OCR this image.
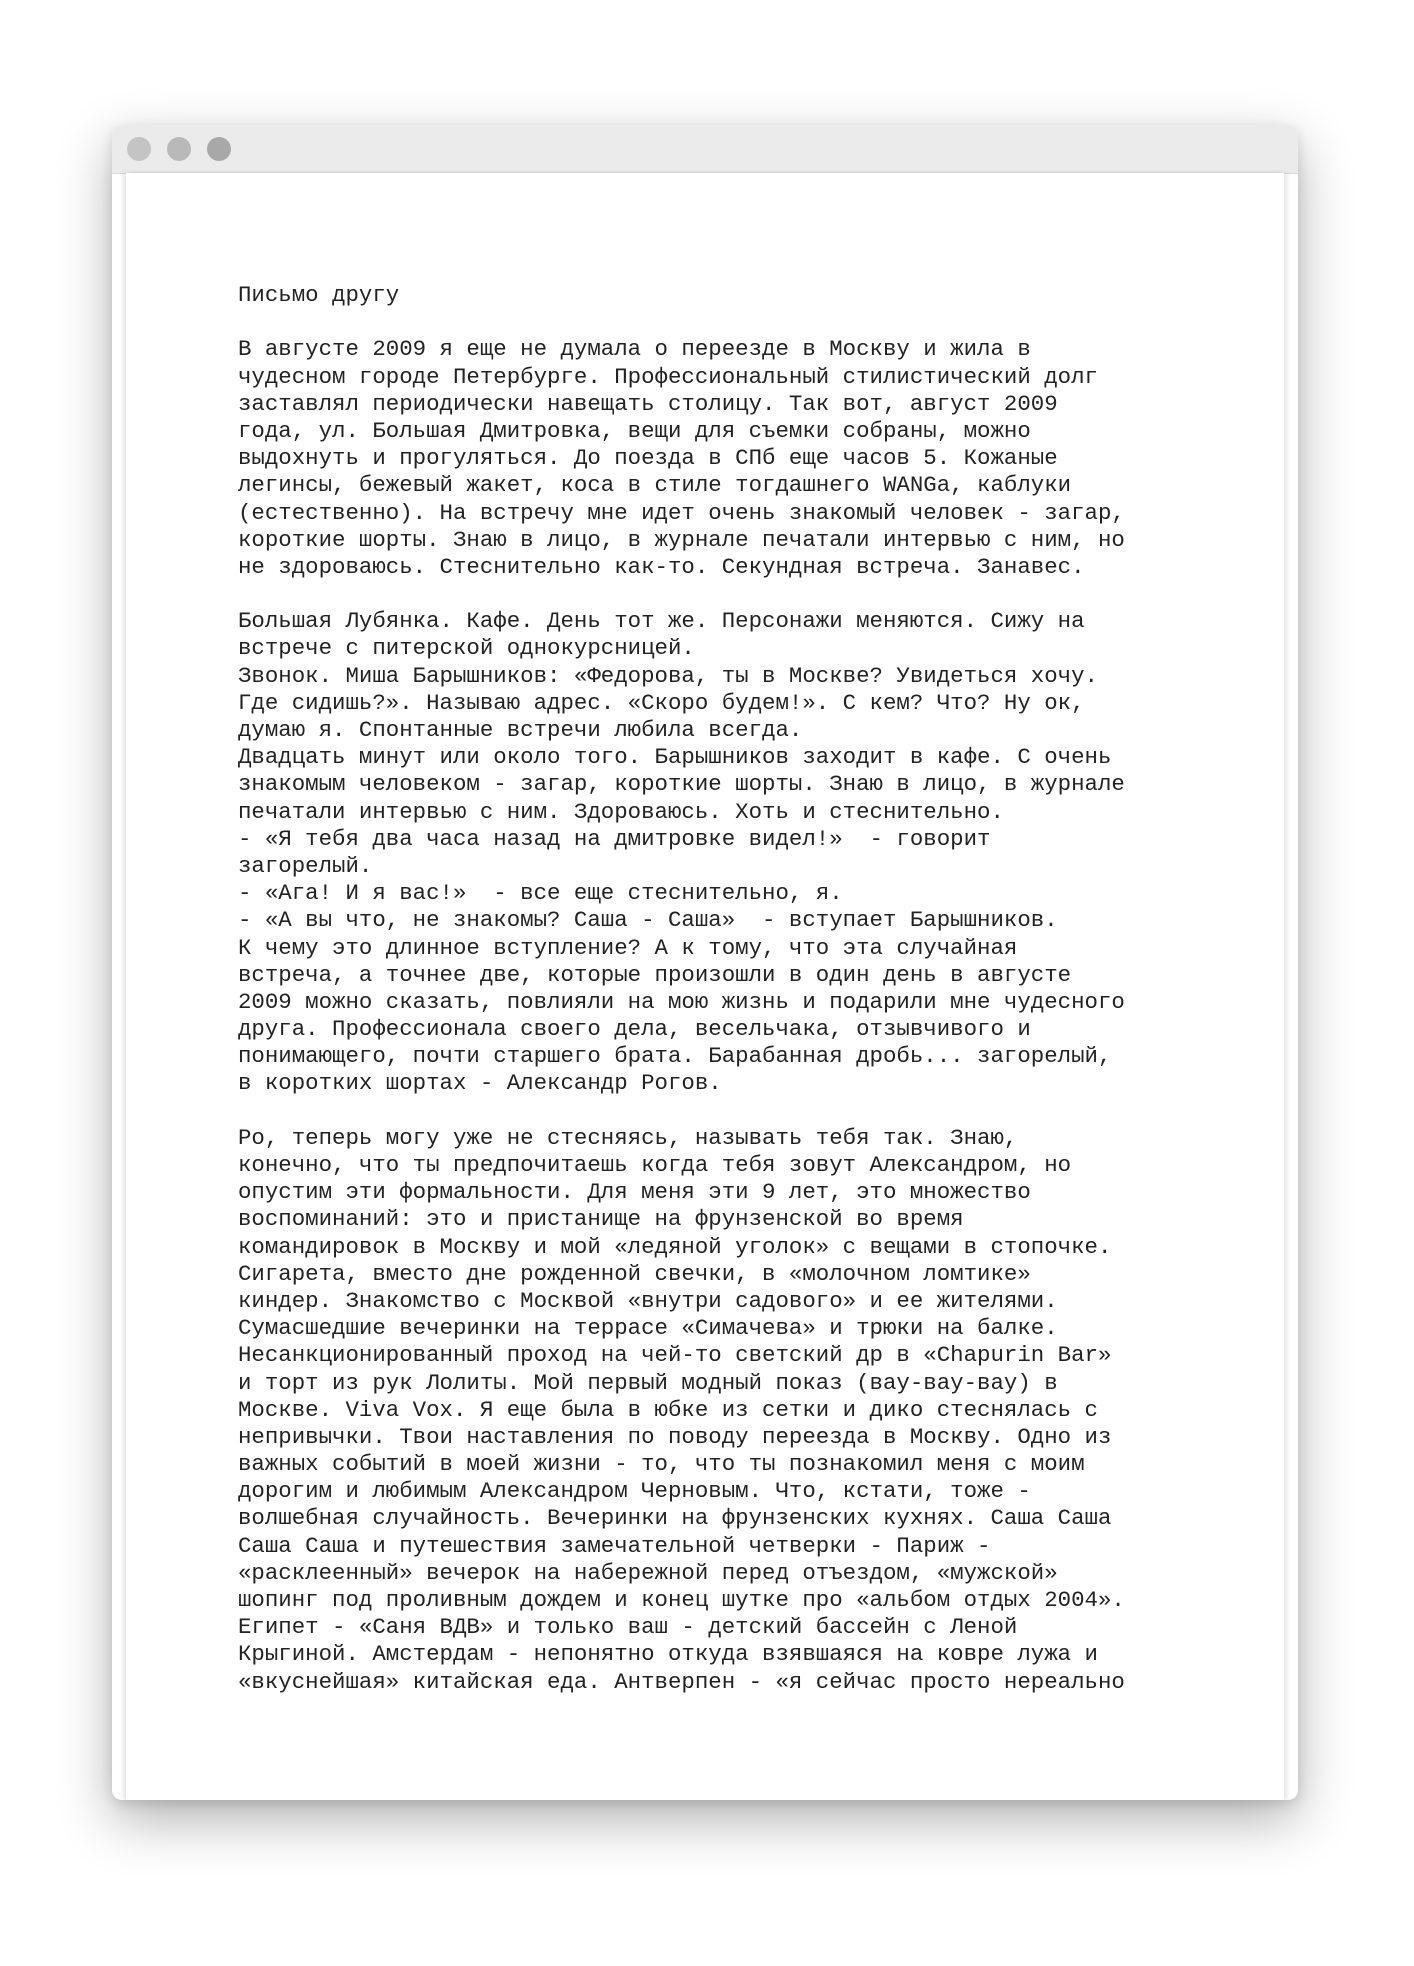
Письмо другу
В августе 2009 я еще не думала о переезде в Москву и жила в
чудесном городе Петербурге. Профессиональный стилистический долг
заставлял периодически навещать столицу. Так вот, август 2009
года, ул. Большая Дмитровка, вещи для съемки собраны, можно
выдохнуть и прогуляться. До поезда в СПб еще часов 5. Кожаные
легинсы, бежевый жакет, коса в стиле тогдашнего WANGa, каблуки
(естественно). На встречу мне идет очень знакомый человек - загар,
короткие шорты. Знаю в лицо, в журнале печатали интервью с ним, но
не здороваюсь. Стеснительно как-то. Секундная встреча. Занавес.
Большая Лубянка. Кафе. День тот же. Персонажи меняются. Сижу на
встрече с питерской однокурсницей.
Звонок. Миша Барышников: «Федорова, ты в Москве? Увидеться хочу.
Где сидишь?». Называю адрес. «Скоро будем!». С кем? Что? Ну ок,
думаю я. Спонтанные встречи любила всегда.
Двадцать минут или около того. Барышников заходит в кафе. С очень
знакомым человеком - загар, короткие шорты. Знаю в лицо, в журнале
печатали интервью с ним. Здороваюсь. Хоть и стеснительно.
- «Я тебя два часа назад на дмитровке видел!»  - говорит
загорелый.
- «Ага! И я вас!»  - все еще стеснительно, я.
- «А вы что, не знакомы? Саша - Саша»  - вступает Барышников.
К чему это длинное вступление? А к тому, что эта случайная
встреча, а точнее две, которые произошли в один день в августе
2009 можно сказать, повлияли на мою жизнь и подарили мне чудесного
друга. Профессионала своего дела, весельчака, отзывчивого и
понимающего, почти старшего брата. Барабанная дробь... загорелый,
в коротких шортах - Александр Рогов.
Ро, теперь могу уже не стесняясь, называть тебя так. Знаю,
конечно, что ты предпочитаешь когда тебя зовут Александром, но
опустим эти формальности. Для меня эти 9 лет, это множество
воспоминаний: это и пристанище на фрунзенской во время
командировок в Москву и мой «ледяной уголок» с вещами в стопочке.
Сигарета, вместо дне рожденной свечки, в «молочном ломтике»
киндер. Знакомство с Москвой «внутри садового» и ее жителями.
Сумасшедшие вечеринки на террасе «Симачева» и трюки на балке.
Несанкционированный проход на чей-то светский др в «Chapurin Bar»
и торт из рук Лолиты. Мой первый модный показ (вау-вау-вау) в
Москве. Viva Vox. Я еще была в юбке из сетки и дико стеснялась с
непривычки. Твои наставления по поводу переезда в Москву. Одно из
важных событий в моей жизни - то, что ты познакомил меня с моим
дорогим и любимым Александром Черновым. Что, кстати, тоже -
волшебная случайность. Вечеринки на фрунзенских кухнях. Саша Саша
Саша Саша и путешествия замечательной четверки - Париж -
«расклеенный» вечерок на набережной перед отъездом, «мужской»
шопинг под проливным дождем и конец шутке про «альбом отдых 2004».
Египет - «Саня ВДВ» и только ваш - детский бассейн с Леной
Крыгиной. Амстердам - непонятно откуда взявшаяся на ковре лужа и
«вкуснейшая» китайская еда. Антверпен - «я сейчас просто нереально
